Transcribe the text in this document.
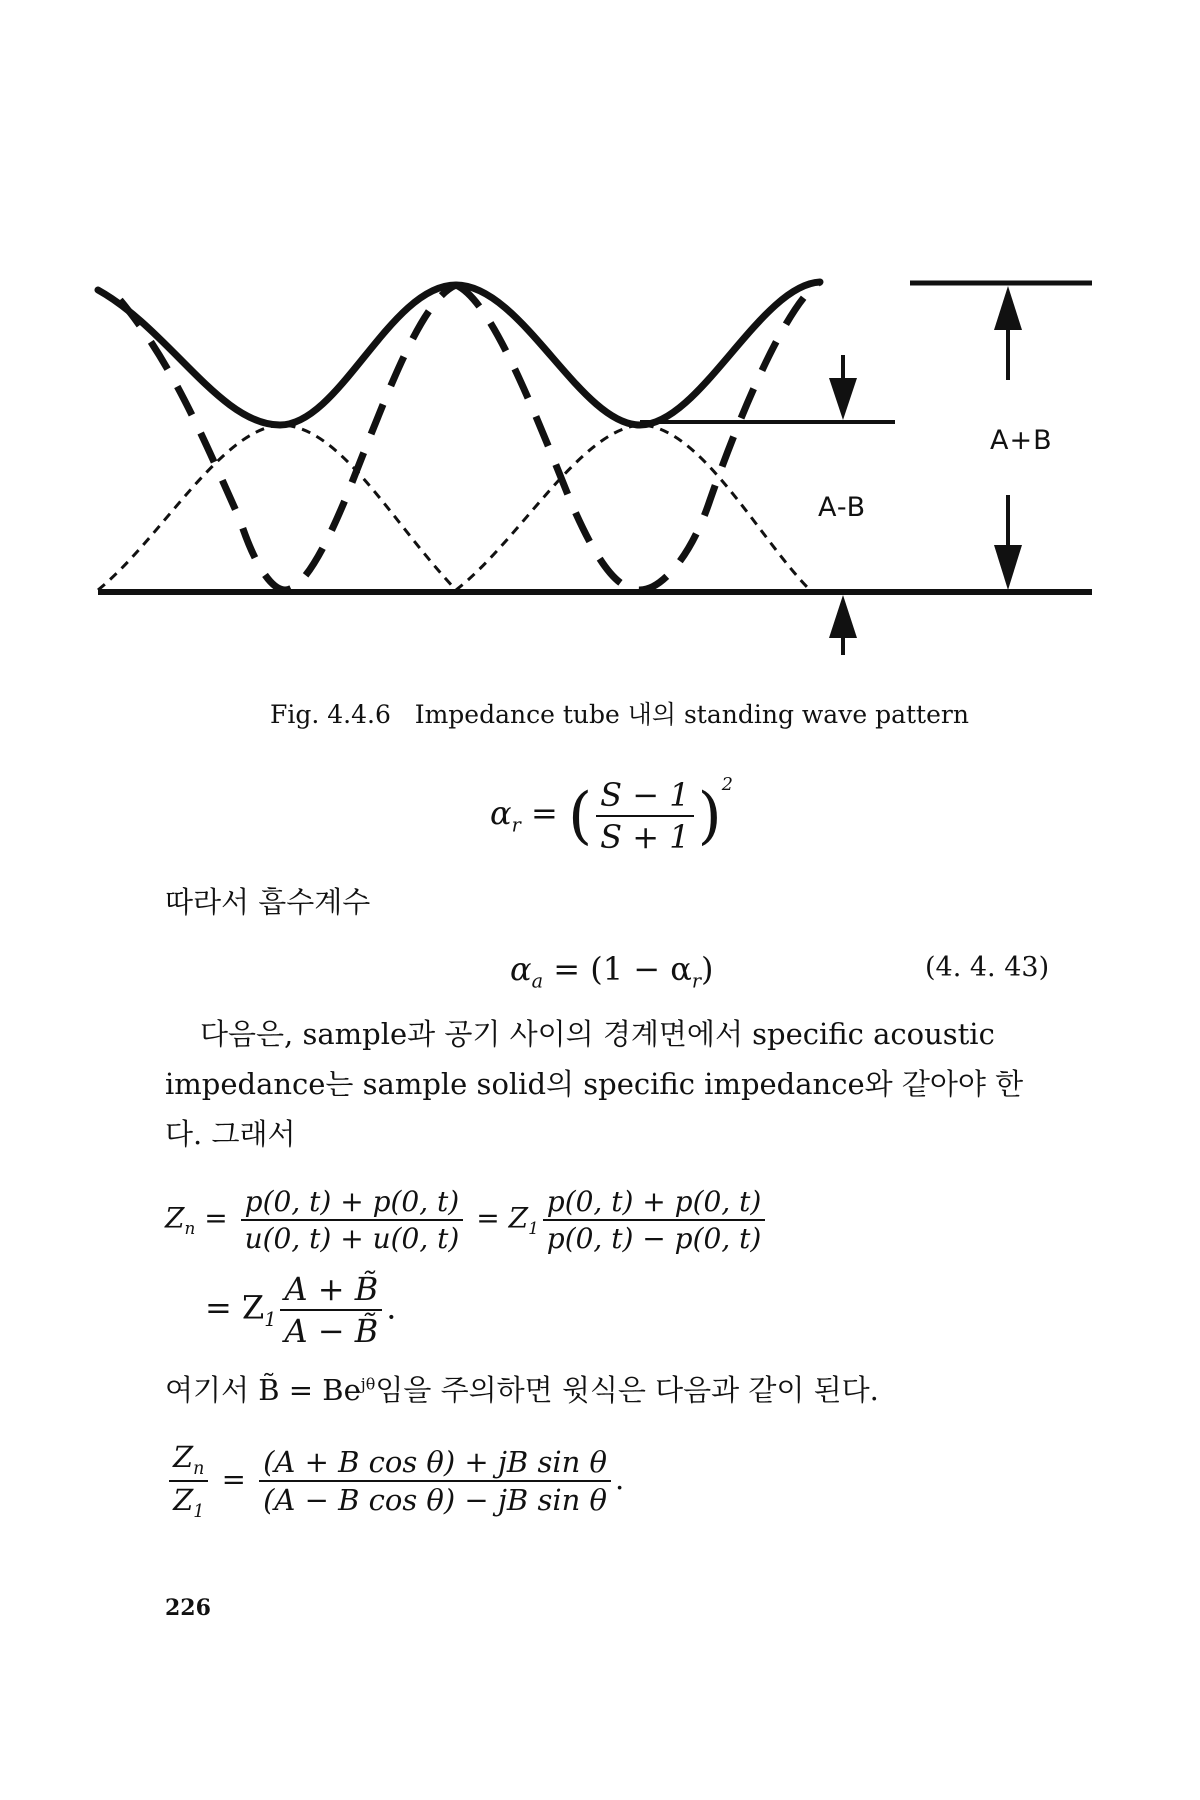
A+B
A-B
Fig. 4.4.6 Impedance tube 내의 standing wave pattern
$\alpha_r$ = ( $\frac{S - 1}{S + 1} )^2$
따라서 흡수계수
$\alpha_a = (1 - \alpha_r)$	(4. 4. 43)
다음은, sample과 공기 사이의 경계면에서 specific acoustic
impedance는 sample solid의 specific impedance와 같아야 한
다. 그래서
$Z_n = \frac{p(0, t) + p(0, t)}{u(0, t) + u(0, t)} = Z_1 \frac{p(0, t) + p(0, t)}{p(0, t) - p(0, t)}$
= $Z_1 \frac{A + B̃}{A - B̃}$ .
여기서 B̃ = $Be^{j\theta}$임을 주의하면 윗식은 다음과 같이 된다.
$\frac{Z_n}{Z_1} = \frac{\text{(A + B cos θ) + jB sin θ}}{\text{(A − B cos θ) − jB sin θ}}$ .
226
